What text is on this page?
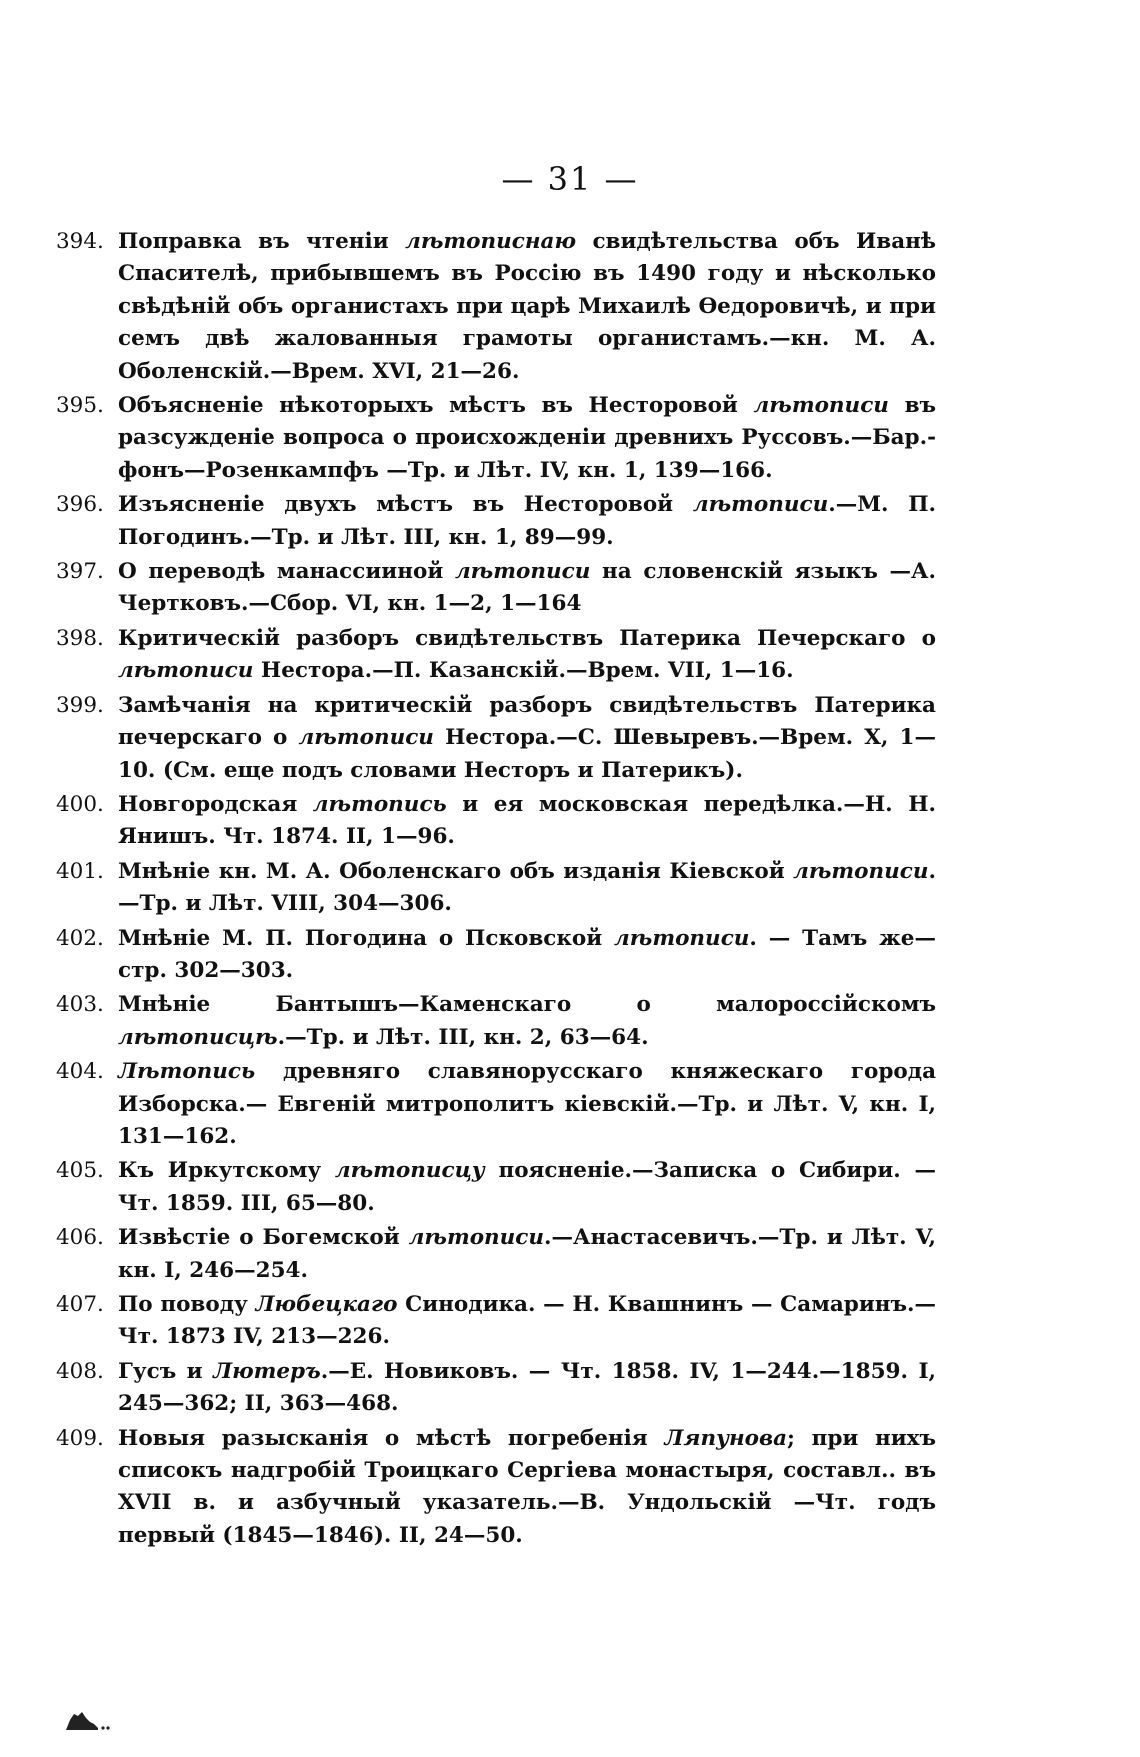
— 31 —
394. Поправка въ чтеніи лѣтописнаю свидѣтельства объ Иванѣ Спасителѣ, прибывшемъ въ Россію въ 1490 году и нѣсколько свѣдѣній объ органистахъ при царѣ Михаилѣ Ѳедоровичѣ, и при семъ двѣ жалованныя грамоты органистамъ.—кн. М. А. Оболенскій.—Врем. XVI, 21—26.
395. Объясненіе нѣкоторыхъ мѣстъ въ Несторовой лѣтописи въ разсужденіе вопроса о происхожденіи древнихъ Руссовъ.—Бар.-фонъ—Розенкампфъ —Тр. и Лѣт. IV, кн. 1, 139—166.
396. Изъясненіе двухъ мѣстъ въ Несторовой лѣтописи.—М. П. Погодинъ.—Тр. и Лѣт. III, кн. 1, 89—99.
397. О переводѣ манассииной лѣтописи на словенскій языкъ —А. Чертковъ.—Сбор. VI, кн. 1—2, 1—164
398. Критическій разборъ свидѣтельствъ Патерика Печерскаго о лѣтописи Нестора.—П. Казанскій.—Врем. VII, 1—16.
399. Замѣчанія на критическій разборъ свидѣтельствъ Патерика печерскаго о лѣтописи Нестора.—С. Шевыревъ.—Врем. X, 1—10. (См. еще подъ словами Несторъ и Патерикъ).
400. Новгородская лѣтопись и ея московская передѣлка.—Н. Н. Янишъ. Чт. 1874. II, 1—96.
401. Мнѣніе кн. М. А. Оболенскаго объ изданія Кіевской лѣтописи.—Тр. и Лѣт. VIII, 304—306.
402. Мнѣніе М. П. Погодина о Псковской лѣтописи. — Тамъ же—стр. 302—303.
403. Мнѣніе Бантышъ—Каменскаго о малороссійскомъ лѣтописцѣ.—Тр. и Лѣт. III, кн. 2, 63—64.
404. Лѣтопись древняго славянорусскаго княжескаго города Изборска.— Евгеній митрополитъ кіевскій.—Тр. и Лѣт. V, кн. I, 131—162.
405. Къ Иркутскому лѣтописцу поясненіе.—Записка о Сибири. —Чт. 1859. III, 65—80.
406. Извѣстіе о Богемской лѣтописи.—Анастасевичъ.—Тр. и Лѣт. V, кн. I, 246—254.
407. По поводу Любецкаго Синодика. — Н. Квашнинъ — Самаринъ.—Чт. 1873 IV, 213—226.
408. Гусъ и Лютеръ.—Е. Новиковъ. — Чт. 1858. IV, 1—244.—1859. I, 245—362; II, 363—468.
409. Новыя разысканія о мѣстѣ погребенія Ляпунова; при нихъ списокъ надгробій Троицкаго Сергіева монастыря, составл.. въ XVII в. и азбучный указатель.—В. Ундольскій —Чт. годъ первый (1845—1846). II, 24—50.
